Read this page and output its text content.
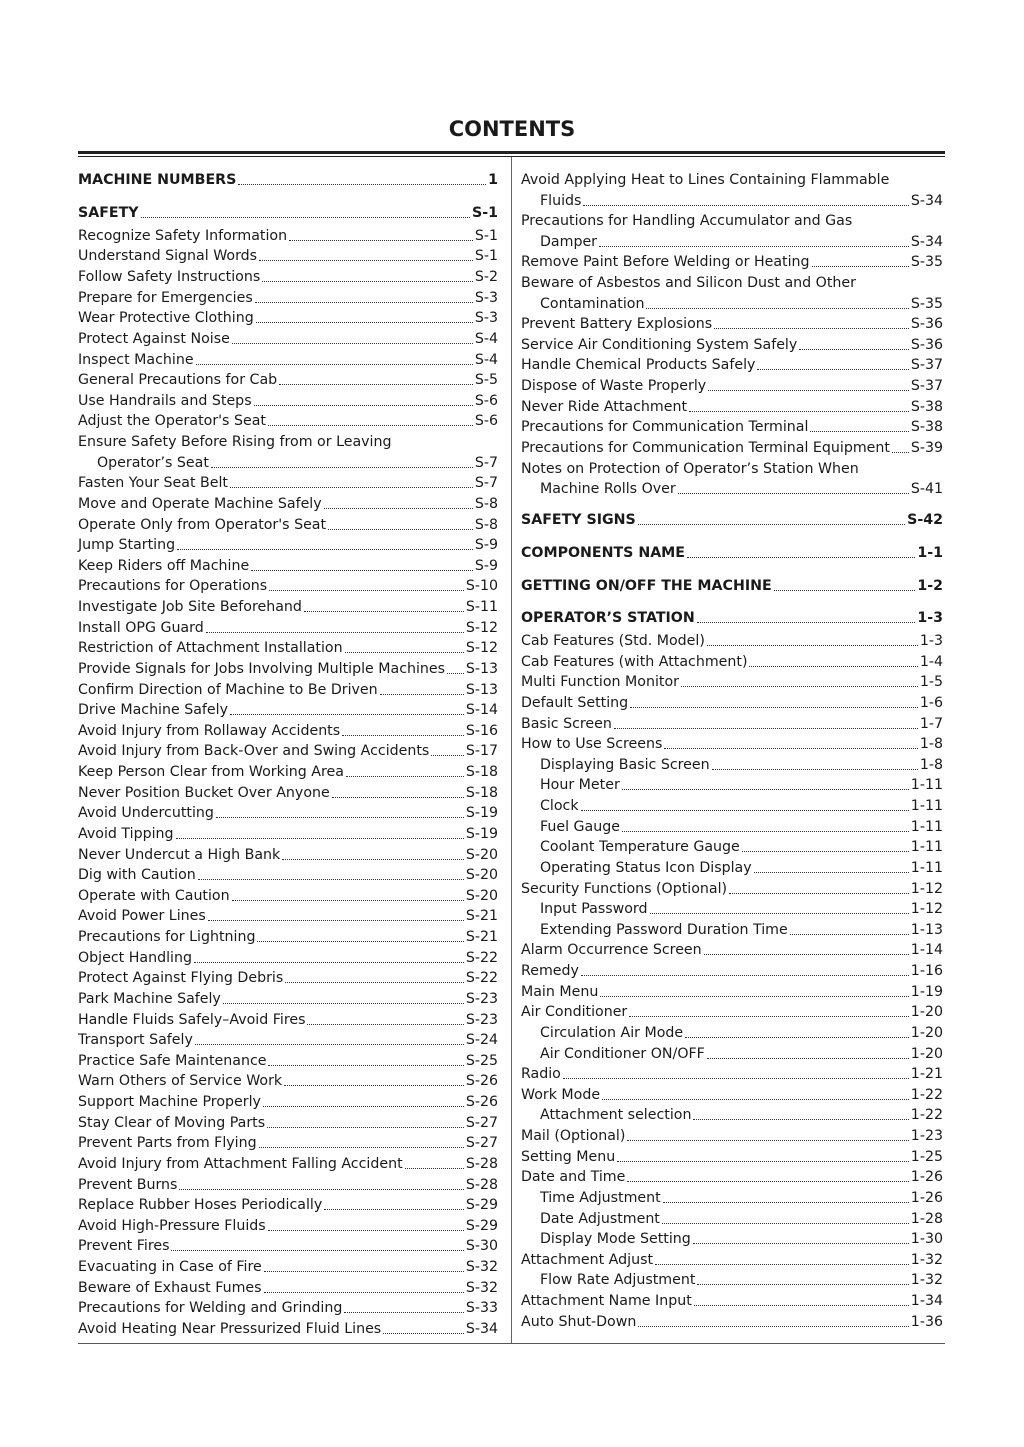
CONTENTS
MACHINE NUMBERS	1
SAFETY	S-1
Recognize Safety Information	S-1
Understand Signal Words	S-1
Follow Safety Instructions	S-2
Prepare for Emergencies	S-3
Wear Protective Clothing	S-3
Protect Against Noise	S-4
Inspect Machine	S-4
General Precautions for Cab	S-5
Use Handrails and Steps	S-6
Adjust the Operator's Seat	S-6
Ensure Safety Before Rising from or Leaving
Operator’s Seat	S-7
Fasten Your Seat Belt	S-7
Move and Operate Machine Safely	S-8
Operate Only from Operator's Seat	S-8
Jump Starting	S-9
Keep Riders off Machine	S-9
Precautions for Operations	S-10
Investigate Job Site Beforehand	S-11
Install OPG Guard	S-12
Restriction of Attachment Installation	S-12
Provide Signals for Jobs Involving Multiple Machines S-13
Confirm Direction of Machine to Be Driven	S-13
Drive Machine Safely	S-14
Avoid Injury from Rollaway Accidents	S-16
Avoid Injury from Back-Over and Swing Accidents	S-17
Keep Person Clear from Working Area	S-18
Never Position Bucket Over Anyone	S-18
Avoid Undercutting	S-19
Avoid Tipping	S-19
Never Undercut a High Bank	S-20
Dig with Caution	S-20
Operate with Caution	S-20
Avoid Power Lines	S-21
Precautions for Lightning	S-21
Object Handling	S-22
Protect Against Flying Debris	S-22
Park Machine Safely	S-23
Handle Fluids Safely–Avoid Fires	S-23
Transport Safely	S-24
Practice Safe Maintenance	S-25
Warn Others of Service Work	S-26
Support Machine Properly	S-26
Stay Clear of Moving Parts	S-27
Prevent Parts from Flying	S-27
Avoid Injury from Attachment Falling Accident	S-28
Prevent Burns	S-28
Replace Rubber Hoses Periodically	S-29
Avoid High-Pressure Fluids	S-29
Prevent Fires	S-30
Evacuating in Case of Fire	S-32
Beware of Exhaust Fumes	S-32
Precautions for Welding and Grinding	S-33
Avoid Heating Near Pressurized Fluid Lines	S-34
Avoid Applying Heat to Lines Containing Flammable
Fluids	S-34
Precautions for Handling Accumulator and Gas
Damper	S-34
Remove Paint Before Welding or Heating	S-35
Beware of Asbestos and Silicon Dust and Other
Contamination	S-35
Prevent Battery Explosions	S-36
Service Air Conditioning System Safely	S-36
Handle Chemical Products Safely	S-37
Dispose of Waste Properly	S-37
Never Ride Attachment	S-38
Precautions for Communication Terminal	S-38
Precautions for Communication Terminal Equipment S-39
Notes on Protection of Operator’s Station When
Machine Rolls Over	S-41
SAFETY SIGNS	S-42
COMPONENTS NAME	1-1
GETTING ON/OFF THE MACHINE	1-2
OPERATOR’S STATION	1-3
Cab Features (Std. Model)	1-3
Cab Features (with Attachment)	1-4
Multi Function Monitor	1-5
Default Setting	1-6
Basic Screen	1-7
How to Use Screens	1-8
Displaying Basic Screen	1-8
Hour Meter	1-11
Clock	1-11
Fuel Gauge	1-11
Coolant Temperature Gauge	1-11
Operating Status Icon Display	1-11
Security Functions (Optional)	1-12
Input Password	1-12
Extending Password Duration Time	1-13
Alarm Occurrence Screen	1-14
Remedy	1-16
Main Menu	1-19
Air Conditioner	1-20
Circulation Air Mode	1-20
Air Conditioner ON/OFF	1-20
Radio	1-21
Work Mode	1-22
Attachment selection	1-22
Mail (Optional)	1-23
Setting Menu	1-25
Date and Time	1-26
Time Adjustment	1-26
Date Adjustment	1-28
Display Mode Setting	1-30
Attachment Adjust	1-32
Flow Rate Adjustment	1-32
Attachment Name Input	1-34
Auto Shut-Down	1-36
